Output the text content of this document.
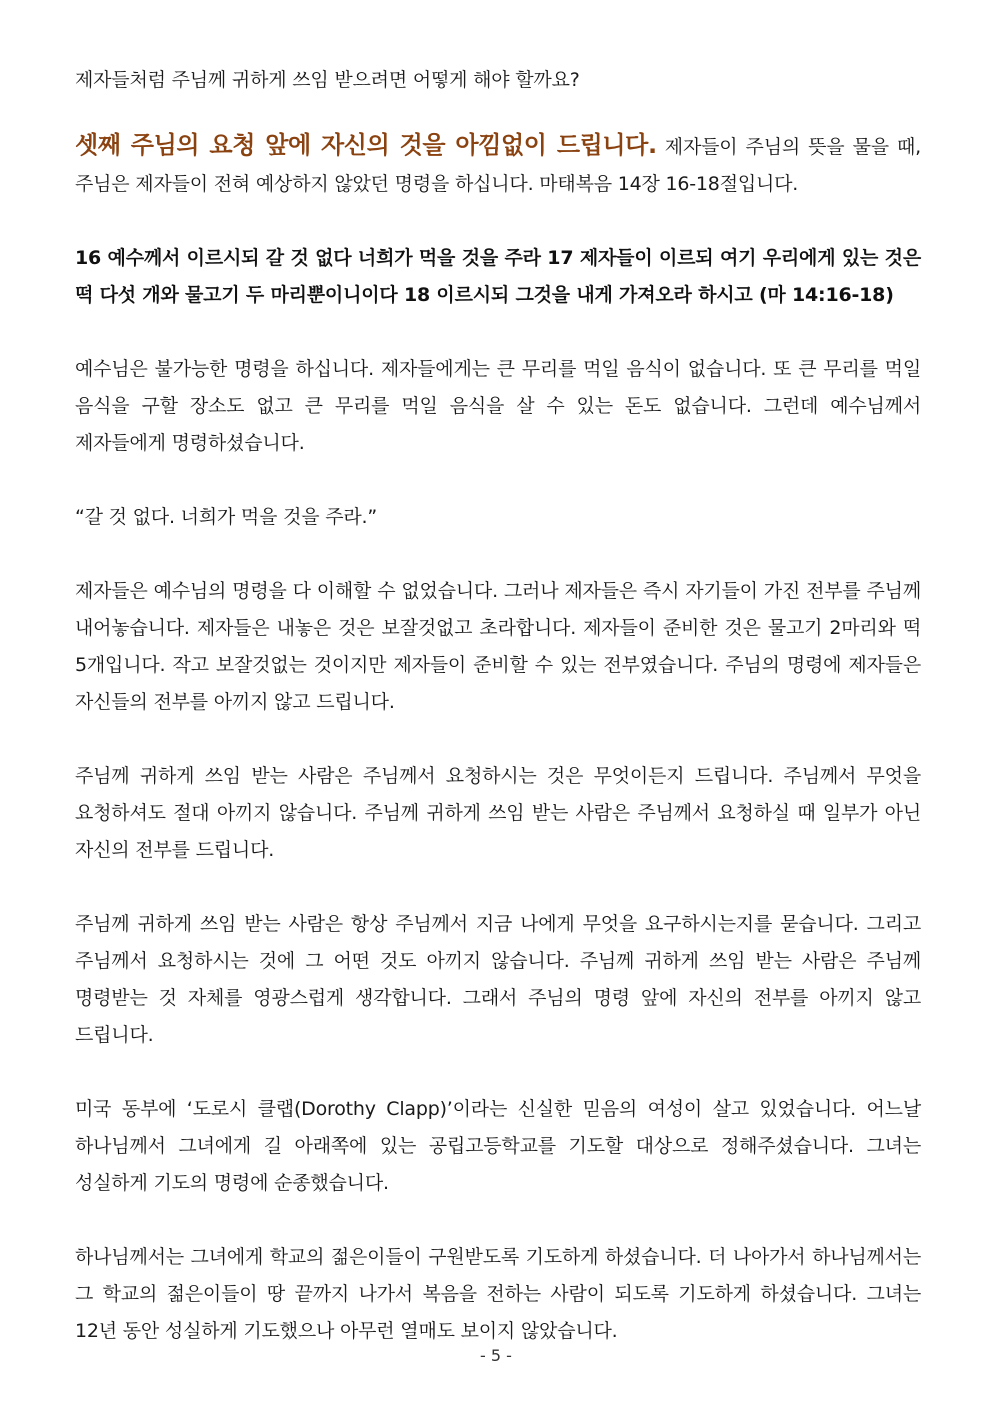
제자들처럼 주님께 귀하게 쓰임 받으려면 어떻게 해야 할까요?

셋째 주님의 요청 앞에 자신의 것을 아낌없이 드립니다. 제자들이 주님의 뜻을 물을 때, 주님은 제자들이 전혀 예상하지 않았던 명령을 하십니다. 마태복음 14장 16-18절입니다.

16 예수께서 이르시되 갈 것 없다 너희가 먹을 것을 주라 17 제자들이 이르되 여기 우리에게 있는 것은 떡 다섯 개와 물고기 두 마리뿐이니이다 18 이르시되 그것을 내게 가져오라 하시고 (마 14:16-18)

예수님은 불가능한 명령을 하십니다. 제자들에게는 큰 무리를 먹일 음식이 없습니다. 또 큰 무리를 먹일 음식을 구할 장소도 없고 큰 무리를 먹일 음식을 살 수 있는 돈도 없습니다. 그런데 예수님께서 제자들에게 명령하셨습니다.

“갈 것 없다. 너희가 먹을 것을 주라.”

제자들은 예수님의 명령을 다 이해할 수 없었습니다. 그러나 제자들은 즉시 자기들이 가진 전부를 주님께 내어놓습니다. 제자들은 내놓은 것은 보잘것없고 초라합니다. 제자들이 준비한 것은 물고기 2마리와 떡 5개입니다. 작고 보잘것없는 것이지만 제자들이 준비할 수 있는 전부였습니다. 주님의 명령에 제자들은 자신들의 전부를 아끼지 않고 드립니다.

주님께 귀하게 쓰임 받는 사람은 주님께서 요청하시는 것은 무엇이든지 드립니다. 주님께서 무엇을 요청하셔도 절대 아끼지 않습니다. 주님께 귀하게 쓰임 받는 사람은 주님께서 요청하실 때 일부가 아닌 자신의 전부를 드립니다.

주님께 귀하게 쓰임 받는 사람은 항상 주님께서 지금 나에게 무엇을 요구하시는지를 묻습니다. 그리고 주님께서 요청하시는 것에 그 어떤 것도 아끼지 않습니다. 주님께 귀하게 쓰임 받는 사람은 주님께 명령받는 것 자체를 영광스럽게 생각합니다. 그래서 주님의 명령 앞에 자신의 전부를 아끼지 않고 드립니다.

미국 동부에 ‘도로시 클랩(Dorothy Clapp)’이라는 신실한 믿음의 여성이 살고 있었습니다. 어느날 하나님께서 그녀에게 길 아래쪽에 있는 공립고등학교를 기도할 대상으로 정해주셨습니다. 그녀는 성실하게 기도의 명령에 순종했습니다.

하나님께서는 그녀에게 학교의 젊은이들이 구원받도록 기도하게 하셨습니다. 더 나아가서 하나님께서는 그 학교의 젊은이들이 땅 끝까지 나가서 복음을 전하는 사람이 되도록 기도하게 하셨습니다. 그녀는 12년 동안 성실하게 기도했으나 아무런 열매도 보이지 않았습니다.

- 5 -
